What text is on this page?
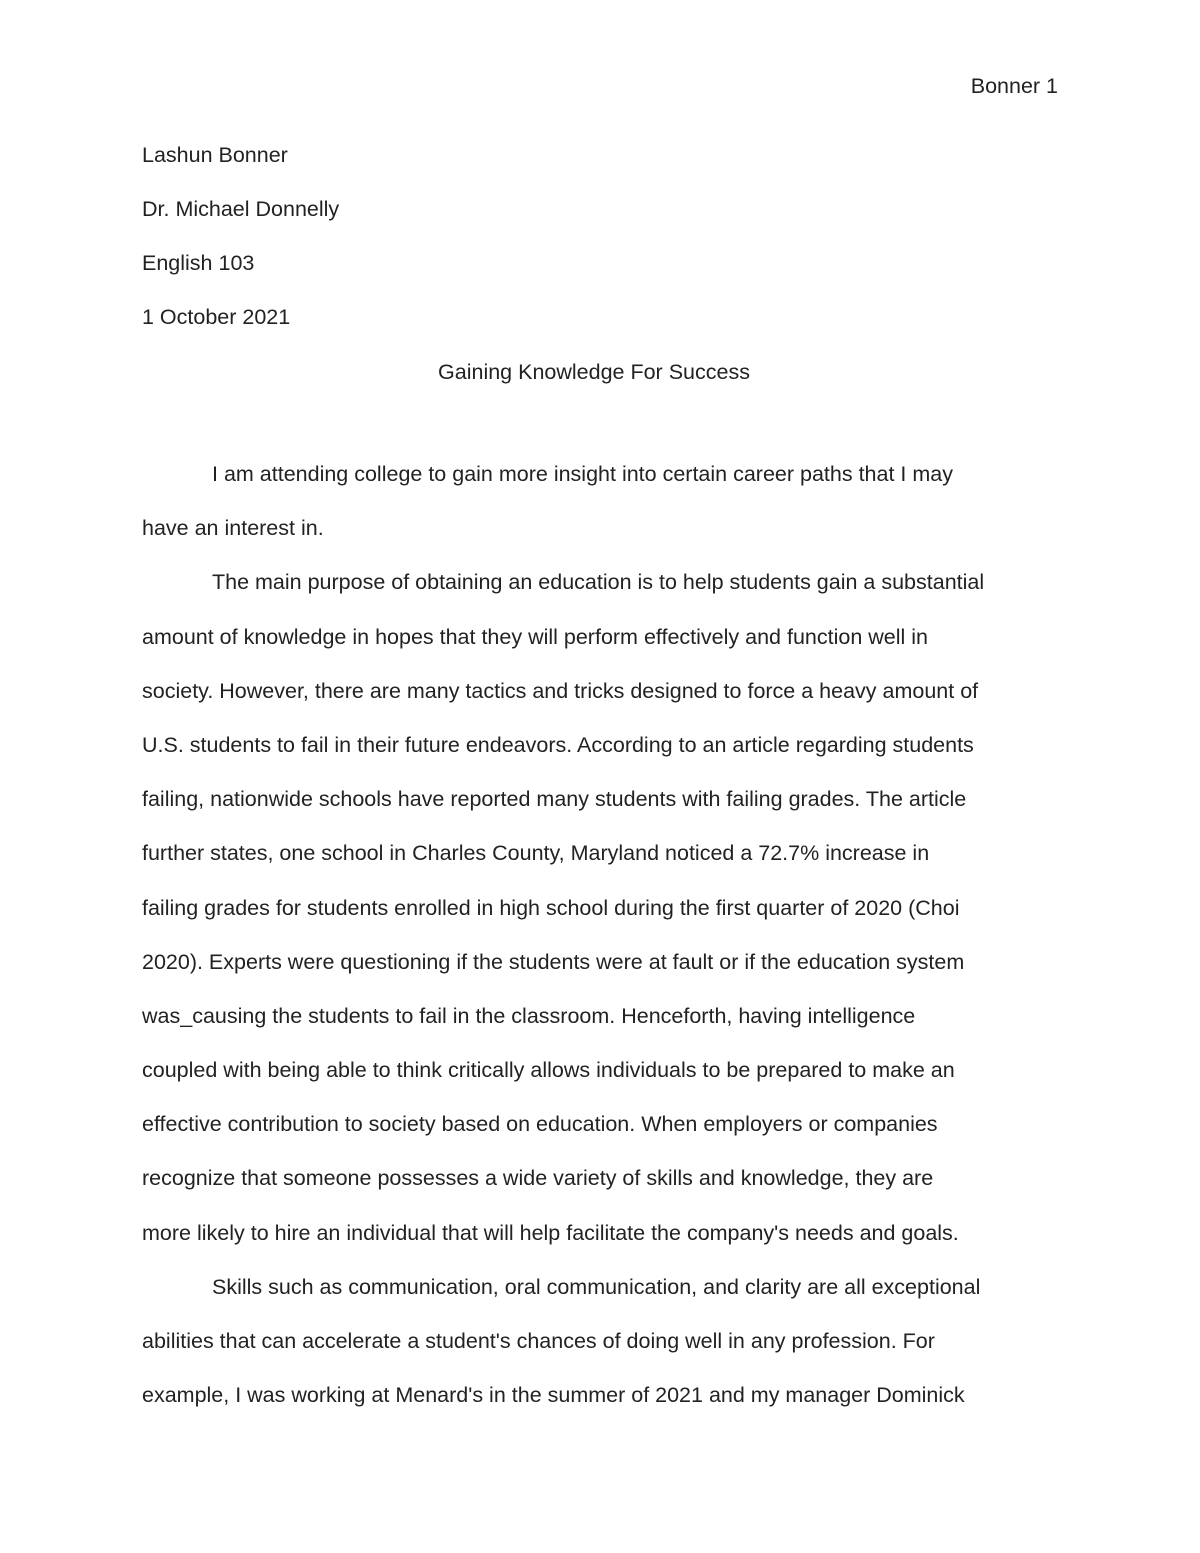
Bonner 1
Lashun Bonner
Dr. Michael Donnelly
English 103
1 October 2021
Gaining Knowledge For Success
I am attending college to gain more insight into certain career paths that I may
have an interest in.
The main purpose of obtaining an education is to help students gain a substantial
amount of knowledge in hopes that they will perform effectively and function well in
society. However, there are many tactics and tricks designed to force a heavy amount of
U.S. students to fail in their future endeavors. According to an article regarding students
failing, nationwide schools have reported many students with failing grades. The article
further states, one school in Charles County, Maryland noticed a 72.7% increase in
failing grades for students enrolled in high school during the first quarter of 2020 (Choi
2020). Experts were questioning if the students were at fault or if the education system
was_causing the students to fail in the classroom. Henceforth, having intelligence
coupled with being able to think critically allows individuals to be prepared to make an
effective contribution to society based on education. When employers or companies
recognize that someone possesses a wide variety of skills and knowledge, they are
more likely to hire an individual that will help facilitate the company's needs and goals.
Skills such as communication, oral communication, and clarity are all exceptional
abilities that can accelerate a student's chances of doing well in any profession. For
example, I was working at Menard's in the summer of 2021 and my manager Dominick
